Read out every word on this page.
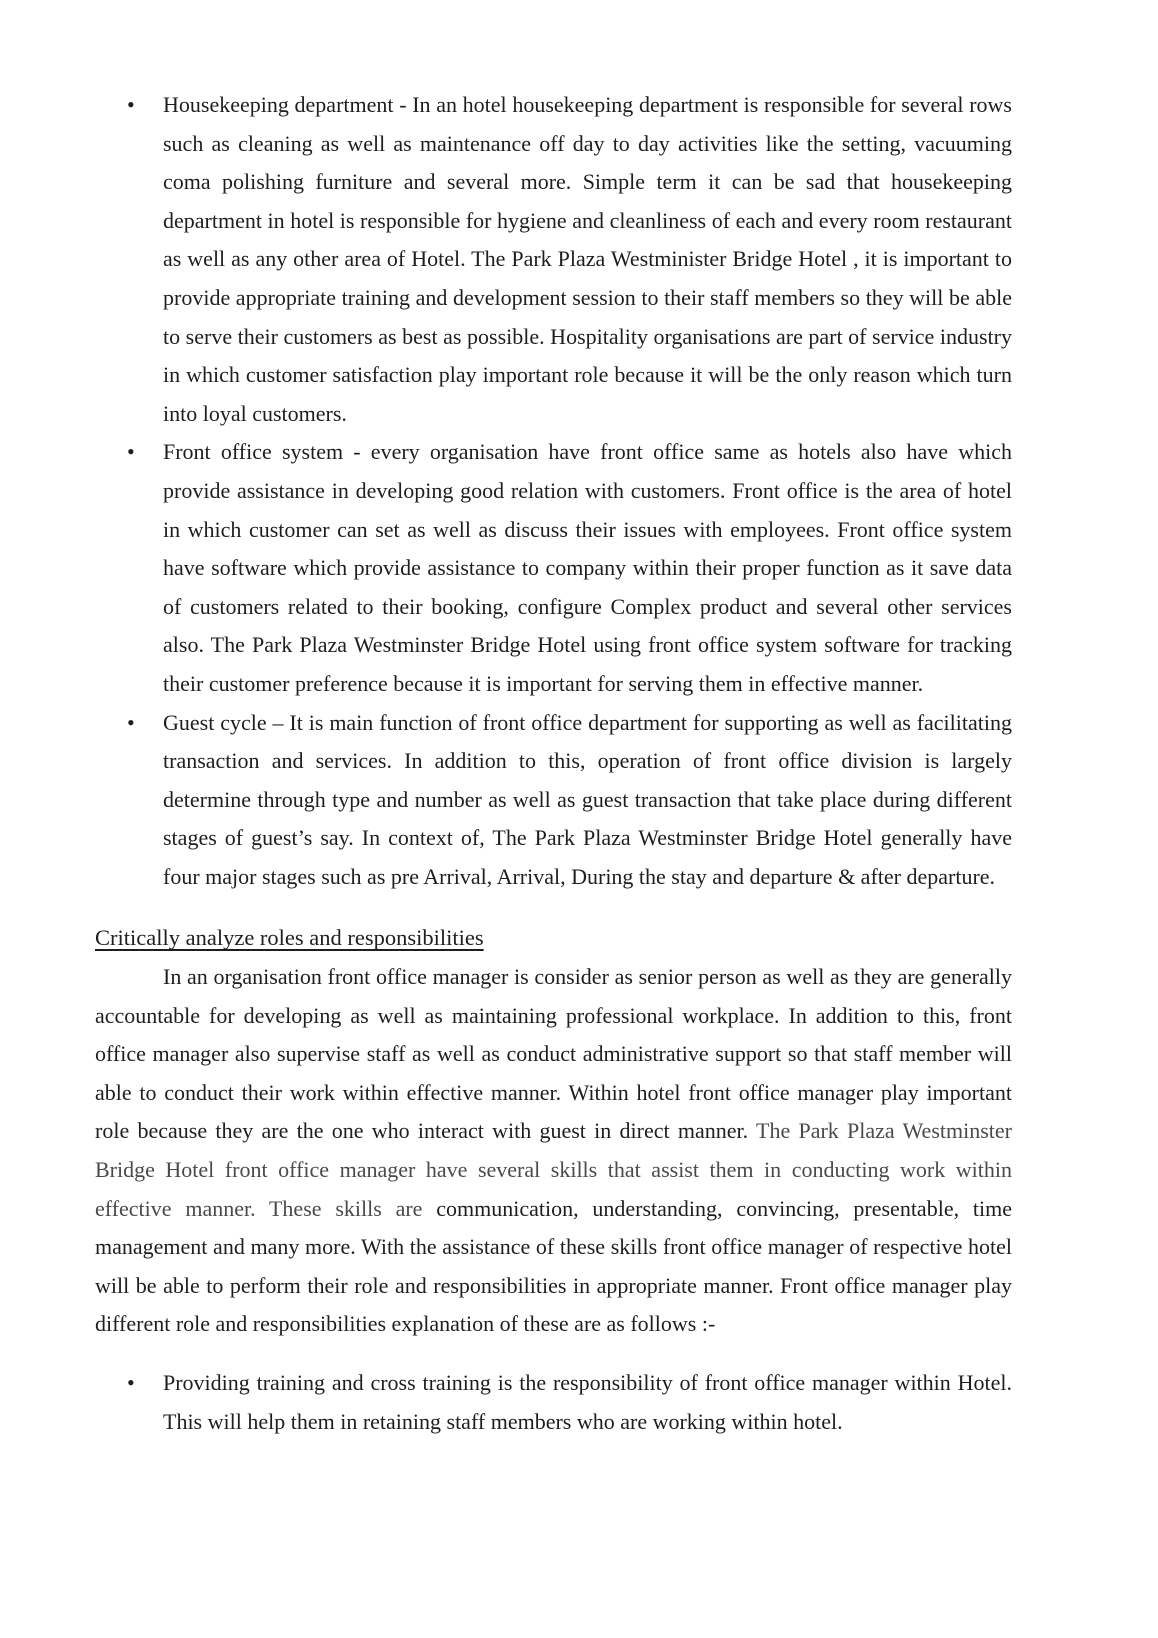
•	Housekeeping department - In an hotel housekeeping department is responsible for several rows such as cleaning as well as maintenance off day to day activities like the setting, vacuuming coma polishing furniture and several more. Simple term it can be sad that housekeeping department in hotel is responsible for hygiene and cleanliness of each and every room restaurant as well as any other area of Hotel. The Park Plaza Westminister Bridge Hotel , it is important to provide appropriate training and development session to their staff members so they will be able to serve their customers as best as possible. Hospitality organisations are part of service industry in which customer satisfaction play important role because it will be the only reason which turn into loyal customers.
•	Front office system - every organisation have front office same as hotels also have which provide assistance in developing good relation with customers. Front office is the area of hotel in which customer can set as well as discuss their issues with employees. Front office system have software which provide assistance to company within their proper function as it save data of customers related to their booking, configure Complex product and several other services also. The Park Plaza Westminster Bridge Hotel using front office system software for tracking their customer preference because it is important for serving them in effective manner.
•	Guest cycle – It is main function of front office department for supporting as well as facilitating transaction and services. In addition to this, operation of front office division is largely determine through type and number as well as guest transaction that take place during different stages of guest’s say. In context of, The Park Plaza Westminster Bridge Hotel generally have four major stages such as pre Arrival, Arrival, During the stay and departure & after departure.
Critically analyze roles and responsibilities

In an organisation front office manager is consider as senior person as well as they are generally accountable for developing as well as maintaining professional workplace. In addition to this, front office manager also supervise staff as well as conduct administrative support so that staff member will able to conduct their work within effective manner. Within hotel front office manager play important role because they are the one who interact with guest in direct manner. The Park Plaza Westminster Bridge Hotel front office manager have several skills that assist them in conducting work within effective manner. These skills are communication, understanding, convincing, presentable, time management and many more. With the assistance of these skills front office manager of respective hotel will be able to perform their role and responsibilities in appropriate manner. Front office manager play different role and responsibilities explanation of these are as follows :-

•	Providing training and cross training is the responsibility of front office manager within Hotel. This will help them in retaining staff members who are working within hotel.
